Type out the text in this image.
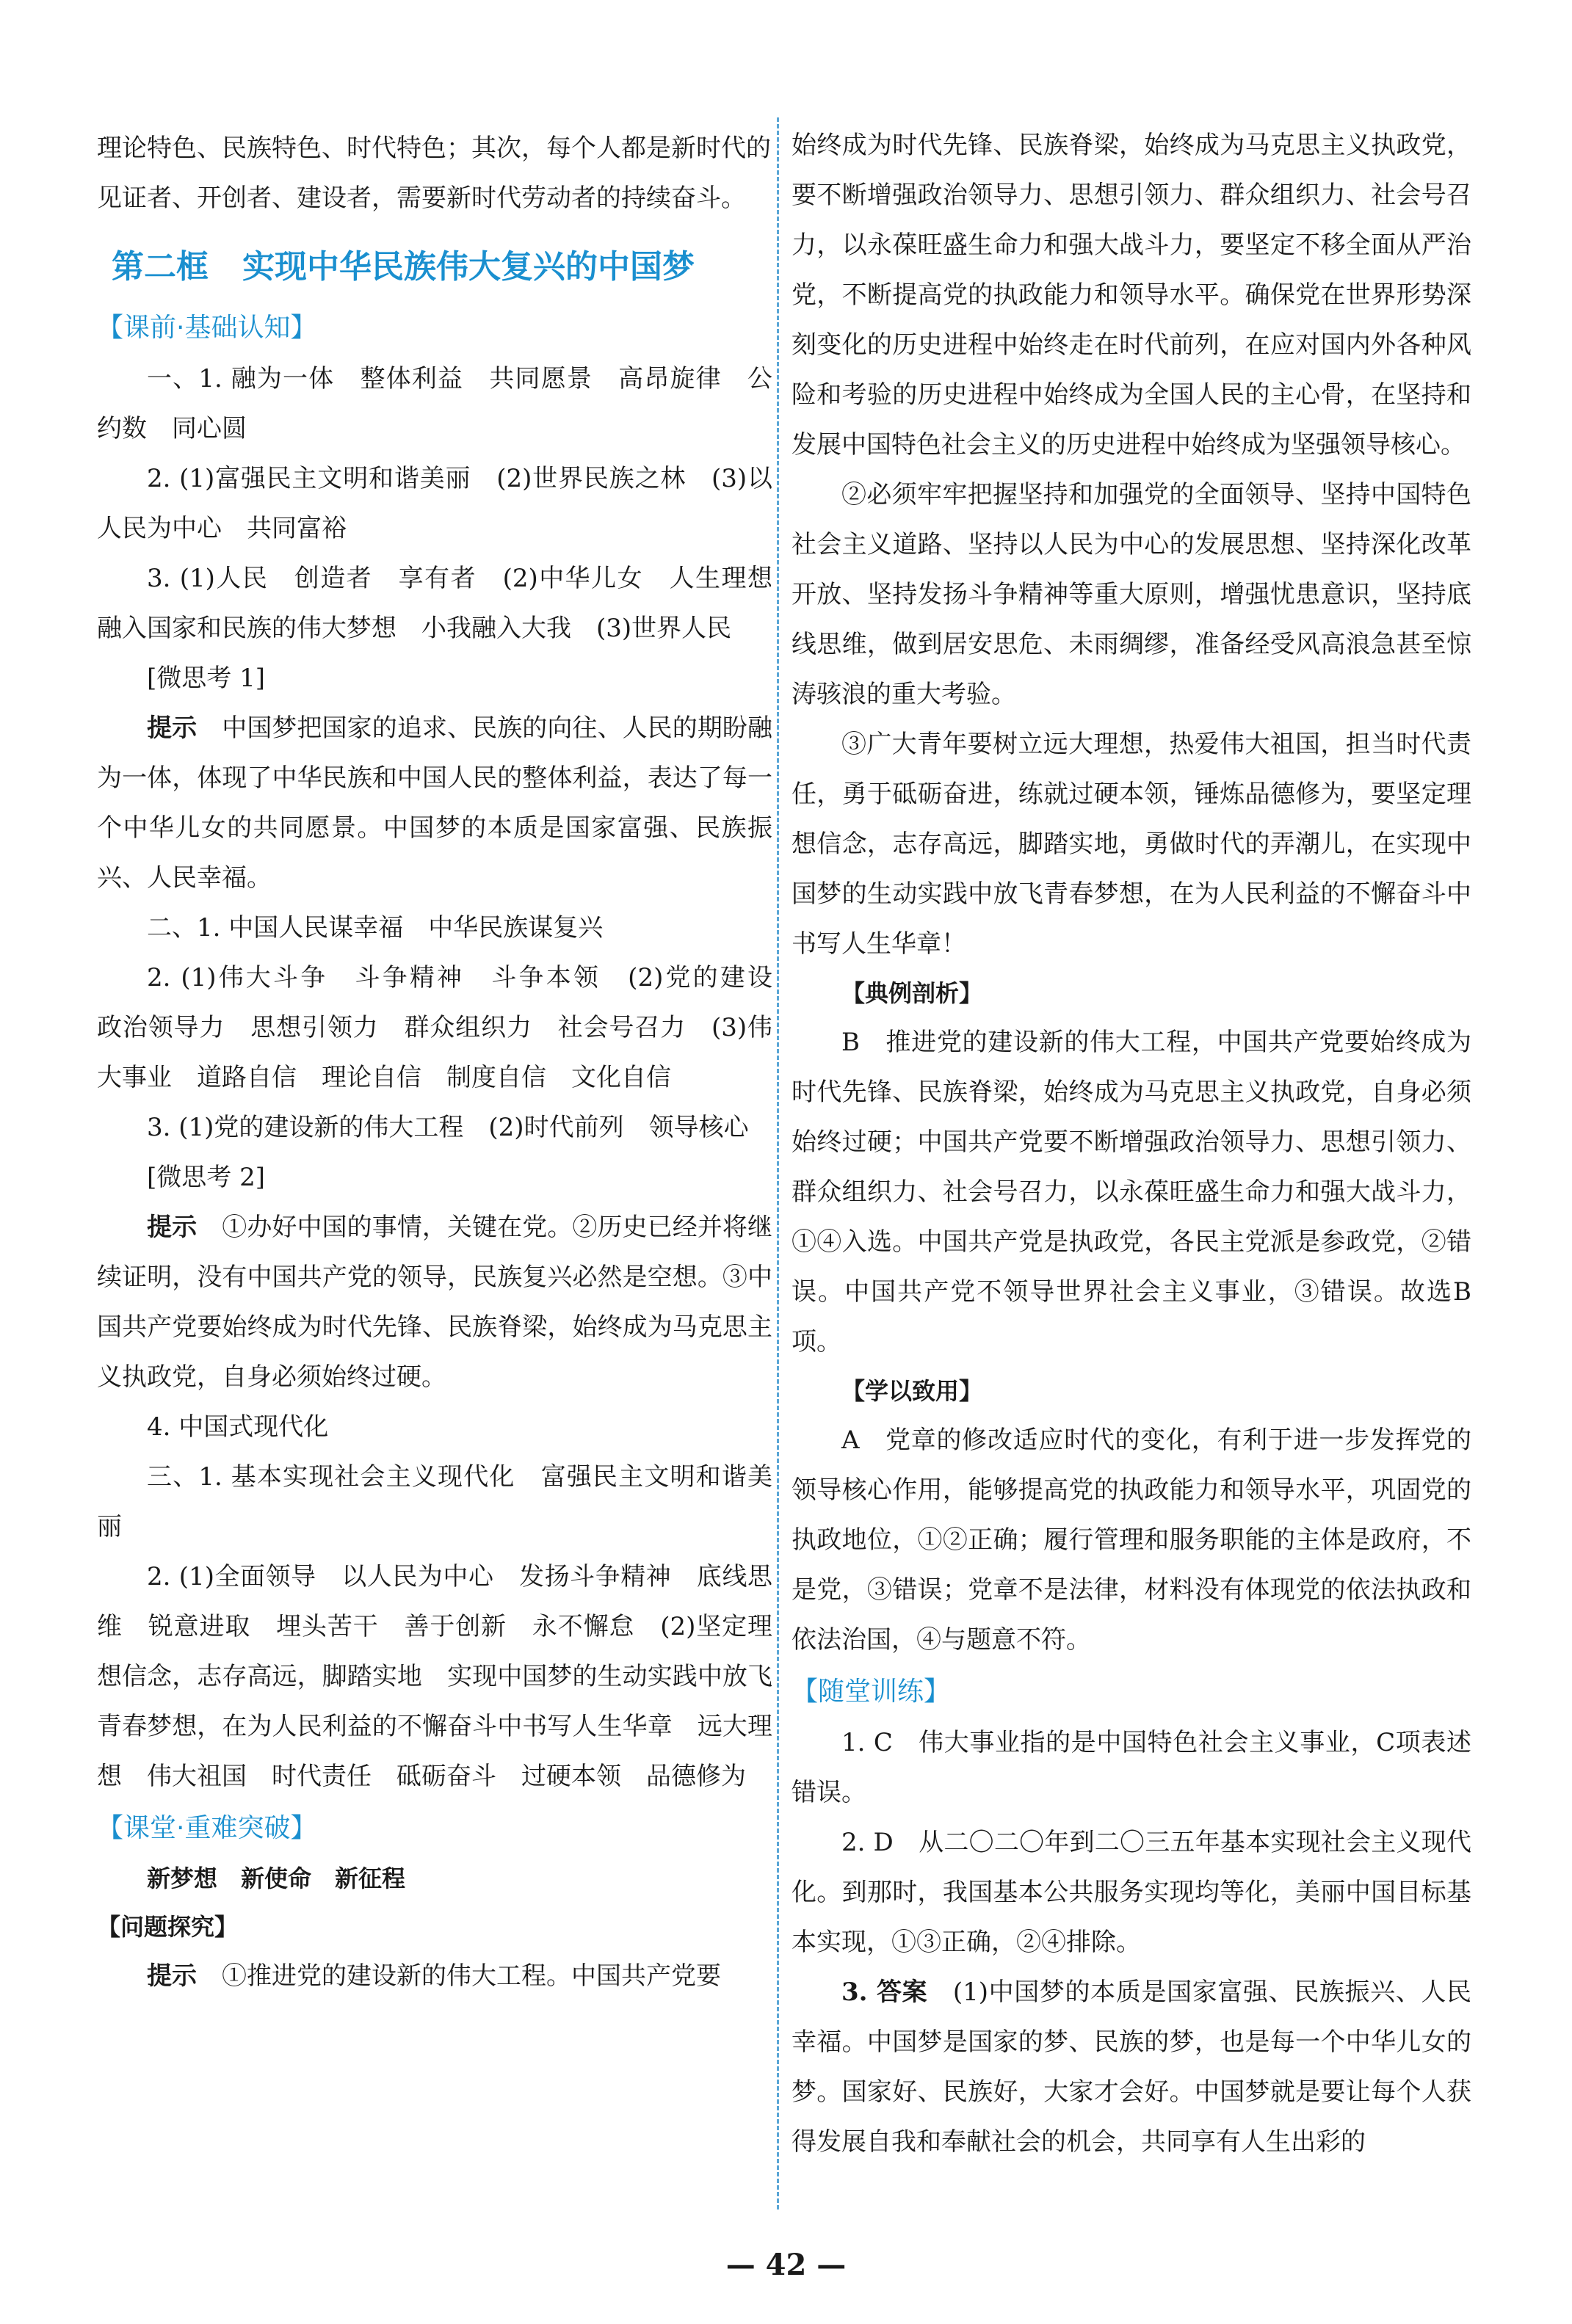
理论特色、民族特色、时代特色；其次，每个人都是新时代的

见证者、开创者、建设者，需要新时代劳动者的持续奋斗。

第二框 实现中华民族伟大复兴的中国梦
【课前·基础认知】

一、1. 融为一体　整体利益　共同愿景　高昂旋律　公约数　同心圆

2. (1)富强民主文明和谐美丽　(2)世界民族之林　(3)以人民为中心　共同富裕

3. (1)人民　创造者　享有者　(2)中华儿女　人生理想融入国家和民族的伟大梦想　小我融入大我　(3)世界人民

[微思考 1]

提示　 中国梦把国家的追求、民族的向往、人民的期盼融为一体，体现了中华民族和中国人民的整体利益，表达了每一个中华儿女的共同愿景。中国梦的本质是国家富强、民族振兴、人民幸福。

二、1. 中国人民谋幸福　中华民族谋复兴

2. (1)伟大斗争　斗争精神　斗争本领　(2)党的建设　政治领导力　思想引领力　群众组织力　社会号召力　(3)伟大事业　道路自信　理论自信　制度自信　文化自信

3. (1)党的建设新的伟大工程　(2)时代前列　领导核心

[微思考 2]

提示　 ①办好中国的事情，关键在党。②历史已经并将继续证明，没有中国共产党的领导，民族复兴必然是空想。③中国共产党要始终成为时代先锋、民族脊梁，始终成为马克思主义执政党，自身必须始终过硬。

4. 中国式现代化

三、1. 基本实现社会主义现代化　富强民主文明和谐美丽

2. (1)全面领导　以人民为中心　发扬斗争精神　底线思维　锐意进取　埋头苦干　善于创新　永不懈怠　(2)坚定理想信念，志存高远，脚踏实地　实现中国梦的生动实践中放飞青春梦想，在为人民利益的不懈奋斗中书写人生华章　远大理想　伟大祖国　时代责任　砥砺奋斗　过硬本领　品德修为

【课堂·重难突破】

新梦想　新使命　新征程

【问题探究】

提示　 ①推进党的建设新的伟大工程。中国共产党要

始终成为时代先锋、民族脊梁，始终成为马克思主义执政党，要不断增强政治领导力、思想引领力、群众组织力、社会号召力，以永葆旺盛生命力和强大战斗力，要坚定不移全面从严治党，不断提高党的执政能力和领导水平。确保党在世界形势深刻变化的历史进程中始终走在时代前列，在应对国内外各种风险和考验的历史进程中始终成为全国人民的主心骨，在坚持和发展中国特色社会主义的历史进程中始终成为坚强领导核心。

②必须牢牢把握坚持和加强党的全面领导、坚持中国特色社会主义道路、坚持以人民为中心的发展思想、坚持深化改革开放、坚持发扬斗争精神等重大原则，增强忧患意识，坚持底线思维，做到居安思危、未雨绸缪，准备经受风高浪急甚至惊涛骇浪的重大考验。

③广大青年要树立远大理想，热爱伟大祖国，担当时代责任，勇于砥砺奋进，练就过硬本领，锤炼品德修为，要坚定理想信念，志存高远，脚踏实地，勇做时代的弄潮儿，在实现中国梦的生动实践中放飞青春梦想，在为人民利益的不懈奋斗中书写人生华章！

【典例剖析】

B　推进党的建设新的伟大工程，中国共产党要始终成为时代先锋、民族脊梁，始终成为马克思主义执政党，自身必须始终过硬；中国共产党要不断增强政治领导力、思想引领力、群众组织力、社会号召力，以永葆旺盛生命力和强大战斗力，①④入选。中国共产党是执政党，各民主党派是参政党，②错误。中国共产党不领导世界社会主义事业，③错误。故选B项。

【学以致用】

A　党章的修改适应时代的变化，有利于进一步发挥党的领导核心作用，能够提高党的执政能力和领导水平，巩固党的执政地位，①②正确；履行管理和服务职能的主体是政府，不是党，③错误；党章不是法律，材料没有体现党的依法执政和依法治国，④与题意不符。

【随堂训练】

1. C　伟大事业指的是中国特色社会主义事业，C项表述错误。

2. D　从二〇二〇年到二〇三五年基本实现社会主义现代化。到那时，我国基本公共服务实现均等化，美丽中国目标基本实现，①③正确，②④排除。

3. 答案　 (1)中国梦的本质是国家富强、民族振兴、人民幸福。中国梦是国家的梦、民族的梦，也是每一个中华儿女的梦。国家好、民族好，大家才会好。中国梦就是要让每个人获得发展自我和奉献社会的机会，共同享有人生出彩的

— 42 —
